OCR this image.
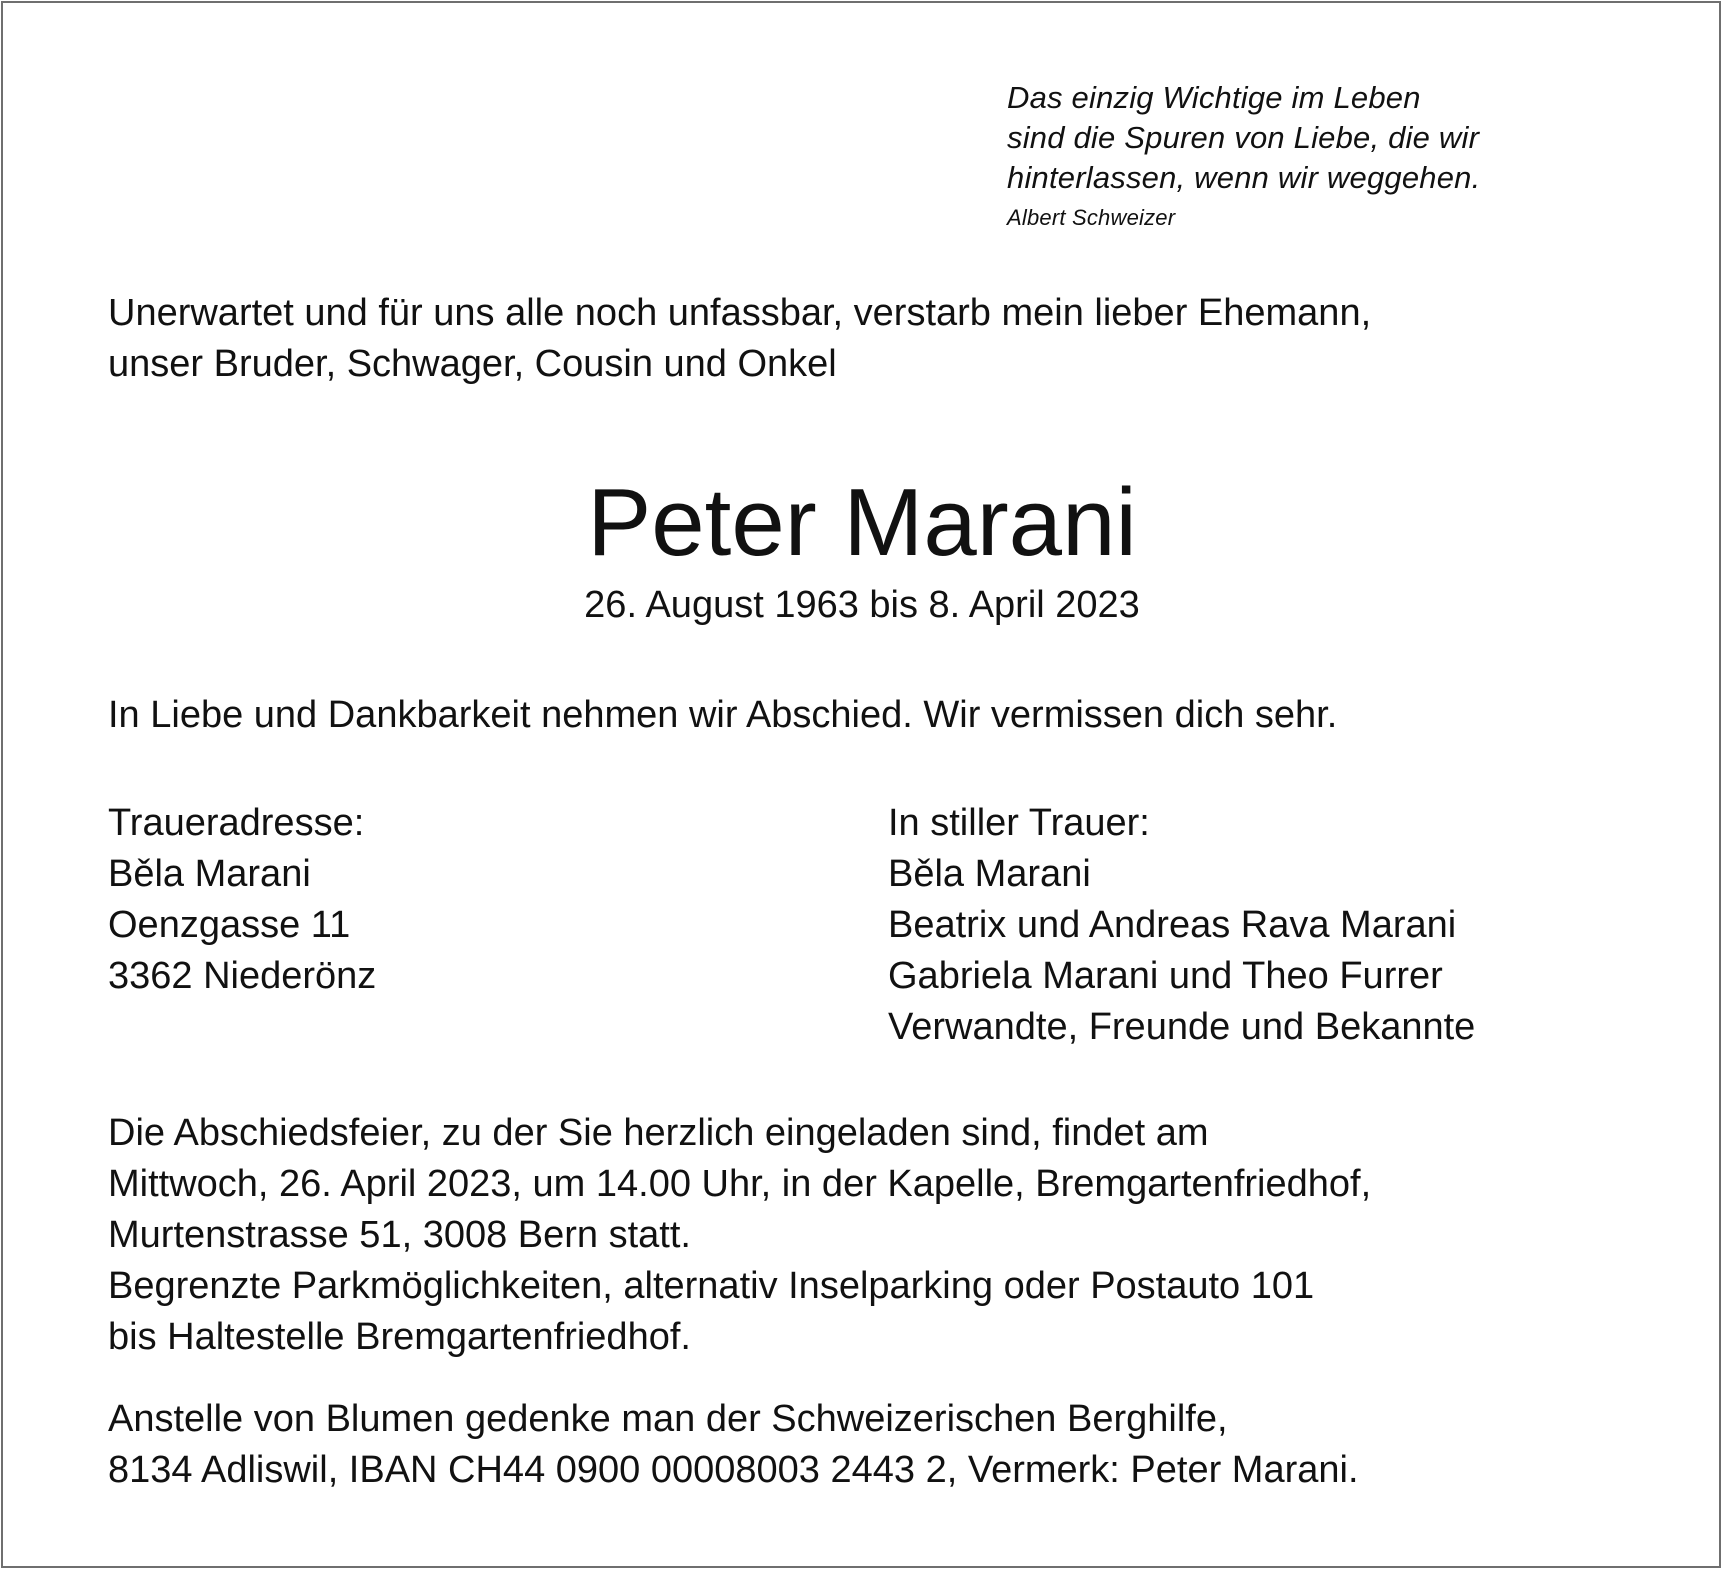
Das einzig Wichtige im Leben
sind die Spuren von Liebe, die wir
hinterlassen, wenn wir weggehen.
Albert Schweizer
Unerwartet und für uns alle noch unfassbar, verstarb mein lieber Ehemann,
unser Bruder, Schwager, Cousin und Onkel
Peter Marani
26. August 1963 bis 8. April 2023
In Liebe und Dankbarkeit nehmen wir Abschied. Wir vermissen dich sehr.
Traueradresse:
Běla Marani
Oenzgasse 11
3362 Niederönz
In stiller Trauer:
Běla Marani
Beatrix und Andreas Rava Marani
Gabriela Marani und Theo Furrer
Verwandte, Freunde und Bekannte
Die Abschiedsfeier, zu der Sie herzlich eingeladen sind, findet am
Mittwoch, 26. April 2023, um 14.00 Uhr, in der Kapelle, Bremgartenfriedhof,
Murtenstrasse 51, 3008 Bern statt.
Begrenzte Parkmöglichkeiten, alternativ Inselparking oder Postauto 101
bis Haltestelle Bremgartenfriedhof.
Anstelle von Blumen gedenke man der Schweizerischen Berghilfe,
8134 Adliswil, IBAN CH44 0900 00008003 2443 2, Vermerk: Peter Marani.
